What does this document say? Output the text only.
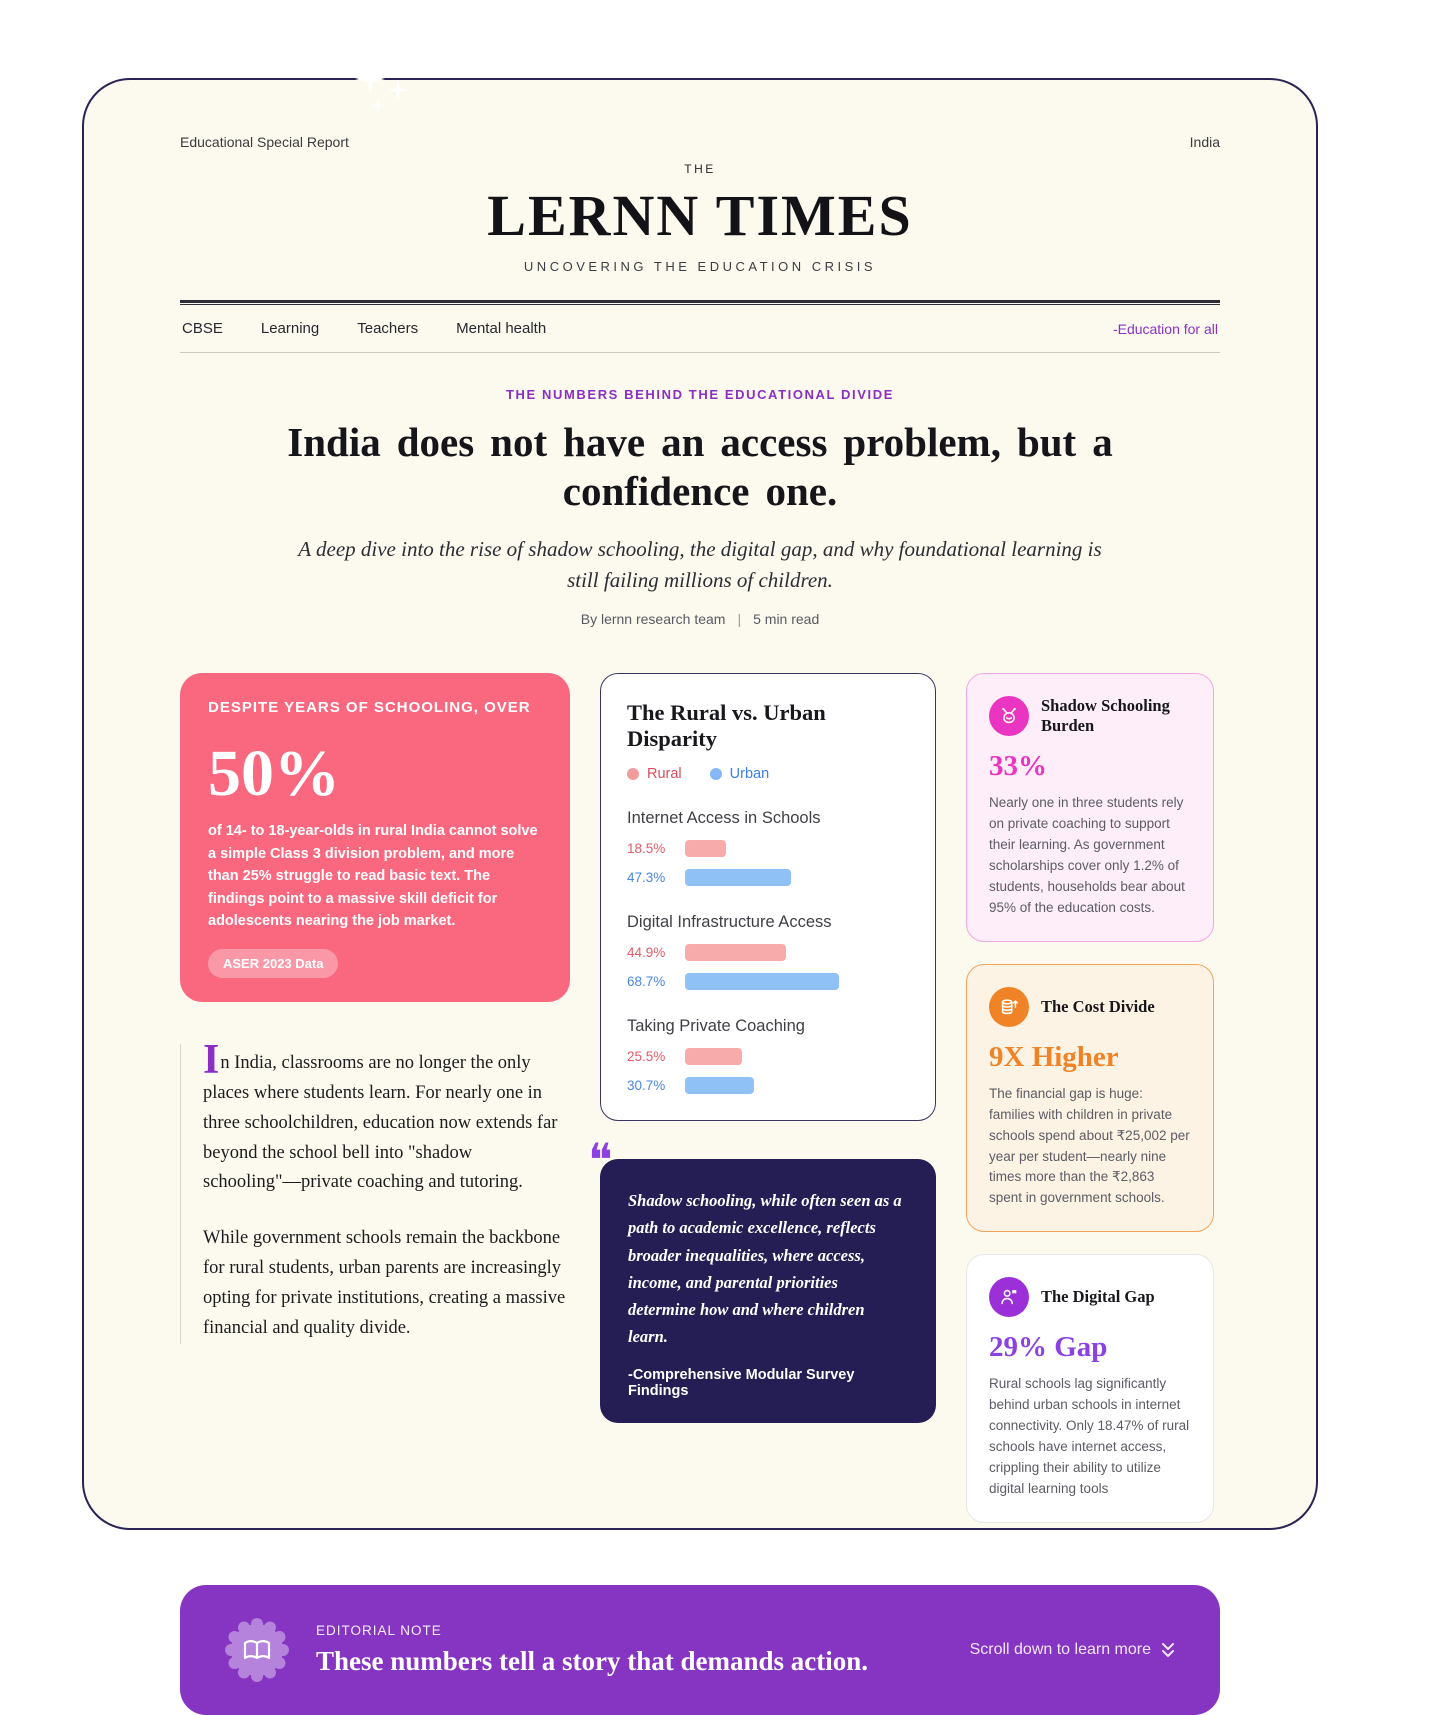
Educational Special Report	India
THE
LERNN TIMES
UNCOVERING THE EDUCATION CRISIS
CBSE	Learning	Teachers	Mental health	-Education for all
THE NUMBERS BEHIND THE EDUCATIONAL DIVIDE
India does not have an access problem, but a confidence one.
A deep dive into the rise of shadow schooling, the digital gap, and why foundational learning is still failing millions of children.
By lernn research team | 5 min read
DESPITE YEARS OF SCHOOLING, OVER
50%
of 14- to 18-year-olds in rural India cannot solve a simple Class 3 division problem, and more than 25% struggle to read basic text. The findings point to a massive skill deficit for adolescents nearing the job market.
ASER 2023 Data

In India, classrooms are no longer the only places where students learn. For nearly one in three schoolchildren, education now extends far beyond the school bell into "shadow schooling"—private coaching and tutoring.

While government schools remain the backbone for rural students, urban parents are increasingly opting for private institutions, creating a massive financial and quality divide.

The Rural vs. Urban Disparity
Rural	Urban
Internet Access in Schools
18.5%
47.3%
Digital Infrastructure Access
44.9%
68.7%
Taking Private Coaching
25.5%
30.7%
❝
Shadow schooling, while often seen as a path to academic excellence, reflects broader inequalities, where access, income, and parental priorities determine how and where children learn.
-Comprehensive Modular Survey Findings
Shadow Schooling Burden
33%
Nearly one in three students rely on private coaching to support their learning. As government scholarships cover only 1.2% of students, households bear about 95% of the education costs.
The Cost Divide
9X Higher
The financial gap is huge: families with children in private schools spend about ₹25,002 per year per student—nearly nine times more than the ₹2,863 spent in government schools.
The Digital Gap
29% Gap
Rural schools lag significantly behind urban schools in internet connectivity. Only 18.47% of rural schools have internet access, crippling their ability to utilize digital learning tools
EDITORIAL NOTE
These numbers tell a story that demands action.	Scroll down to learn more
